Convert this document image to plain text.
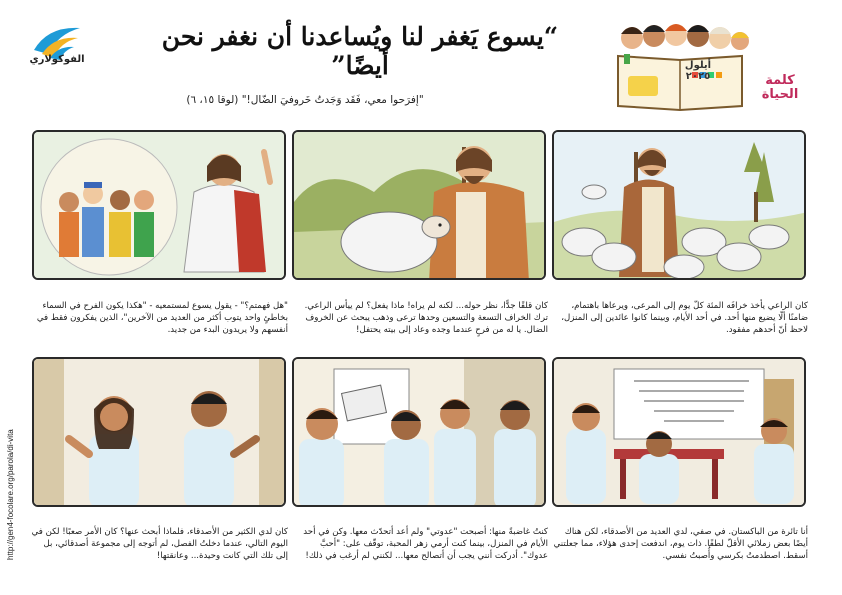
الفوكولاري
“يسوع يَغفر لنا ويُساعدنا أن نغفر نحن أيضًا”
"إفرَحوا معي، فَقَد وَجَدتُ خَروفيَ الضّال!" (لوقا ١٥، ٦)
أيلول
٢٠٢٥	كلمة
الحياة
http://gen4-focolare.org/parola/di-vita
كان الراعي يأخذ خرافَه المئة كلّ يوم إلى المرعى، ويرعاها باهتمام، ضامنًا ألّا يضيع منها أحد. في أحد الأيام، وبينما كانوا عائدين إلى المنزل، لاحظ أنّ أحدهم مفقود.
كان قلقًا جدًّا، نظر حوله... لكنه لم يراه! ماذا يفعل؟ لم ييأس الراعي. ترك الخراف التسعة والتسعين وحدها ترعى وذهب يبحث عن الخروف الضال. يا له من فرحٍ عندما وجده وعاد إلى بيته يحتفل!
"هل فهمتم؟" - يقول يسوع لمستمعيه - "هكذا يكون الفرح في السماء بخاطئٍ واحد يتوب أكثر من العديد من الآخرين"، الذين يفكرون فقط في أنفسهم ولا يريدون البدء من جديد.
أنا تائرة من الباكستان. في صفي، لدي العديد من الأصدقاء، لكن هناك أيضًا بعض زملائي الأقلّ لطفًا. ذات يوم، اندفعت إحدى هؤلاء، مما جعلتني أسقط. اصطدمتُ بكرسي وأُصبتُ نفسي.
كنتُ غاضبةً منها: أصبحت "عدوتي" ولم أعد أتحدّث معها. وكن في أحد الأيام في المنزل، بينما كنت أرمي زهر المحبة، توقّف على: "أحبَّ عدوك". أدركت أنني يجب أن أتصالح معها... لكنني لم أرغب في ذلك!
كان لدي الكثير من الأصدقاء، فلماذا أبحث عنها؟ كان الأمر صعبًا! لكن في اليوم التالي، عندما دخلتُ الفصل، لم أتوجه إلى مجموعة أصدقائي، بل إلى تلك التي كانت وحيدة... وعانقتها!
